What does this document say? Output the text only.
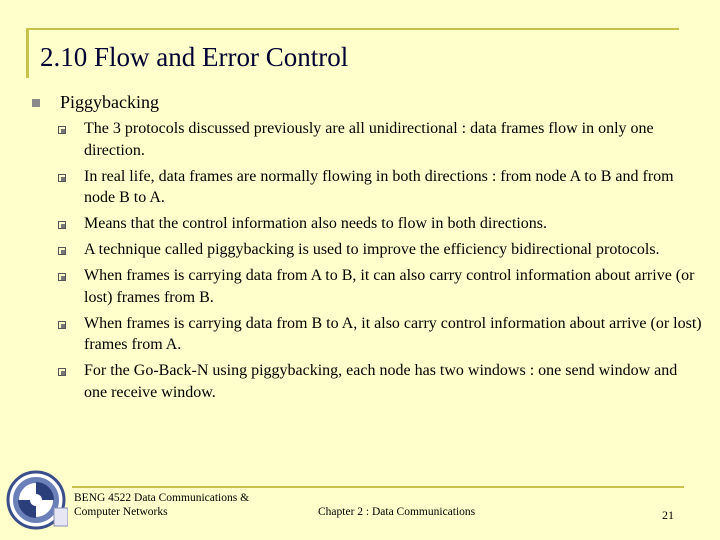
2.10 Flow and Error Control
Piggybacking
The 3 protocols discussed previously are all unidirectional : data frames flow in only one direction.
In real life, data frames are normally flowing in both directions : from node A to B and from node B to A.
Means that the control information also needs to flow in both directions.
A technique called piggybacking is used to improve the efficiency bidirectional protocols.
When frames is carrying data from A to B, it can also carry control information about arrive (or lost) frames from B.
When frames is carrying data from B to A, it also carry control information about arrive (or lost) frames from A.
For the Go-Back-N using piggybacking, each node has two windows : one send window and one receive window.
BENG 4522 Data Communications &
Computer Networks	Chapter 2 : Data Communications	21
